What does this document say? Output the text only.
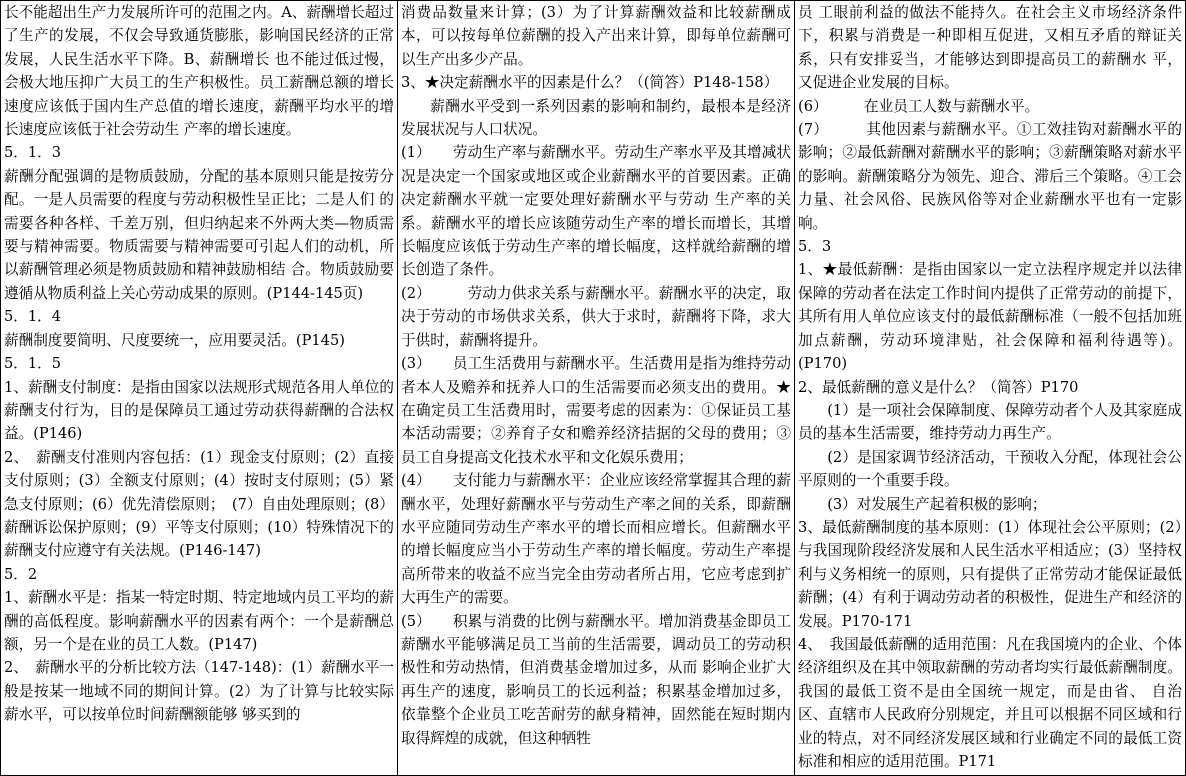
长不能超出生产力发展所许可的范围之内。A、薪酬增长超过了生产的发展，不仅会导致通货膨胀，影响国民经济的正常发展，人民生活水平下降。B、薪酬增长 也不能过低过慢，会极大地压抑广大员工的生产积极性。员工薪酬总额的增长速度应该低于国内生产总值的增长速度，薪酬平均水平的增长速度应该低于社会劳动生 产率的增长速度。

5．1．3

薪酬分配强调的是物质鼓励，分配的基本原则只能是按劳分配。一是人员需要的程度与劳动积极性呈正比；二是人们 的需要各种各样、千差万别，但归纳起来不外两大类—物质需要与精神需要。物质需要与精神需要可引起人们的动机，所以薪酬管理必须是物质鼓励和精神鼓励相结 合。物质鼓励要遵循从物质利益上关心劳动成果的原则。(P144-145页)

5．1．4

薪酬制度要简明、尺度要统一，应用要灵活。(P145)

5．1．5

1、薪酬支付制度：是指由国家以法规形式规范各用人单位的薪酬支付行为，目的是保障员工通过劳动获得薪酬的合法权益。(P146)

2、　薪酬支付准则内容包括：(1）现金支付原则；(2）直接支付原则；(3）全额支付原则；(4）按时支付原则；(5）紧急支付原则；(6）优先清偿原则；　(7）自由处理原则；(8）薪酬诉讼保护原则；(9）平等支付原则；(10）特殊情况下的薪酬支付应遵守有关法规。(P146-147)

5．2

1、薪酬水平是：指某一特定时期、特定地域内员工平均的薪酬的高低程度。影响薪酬水平的因素有两个：一个是薪酬总额，另一个是在业的员工人数。(P147)

2、　薪酬水平的分析比较方法（147-148)：(1）薪酬水平一般是按某一地域不同的期间计算。(2）为了计算与比较实际薪水平，可以按单位时间薪酬额能够 够买到的

消费品数量来计算；(3）为了计算薪酬效益和比较薪酬成本，可以按每单位薪酬的投入产出来计算，即每单位薪酬可以生产出多少产品。

3、★决定薪酬水平的因素是什么？（(简答）P148-158）

薪酬水平受到一系列因素的影响和制约，最根本是经济发展状况与人口状况。

(1）　　劳动生产率与薪酬水平。劳动生产率水平及其增减状况是决定一个国家或地区或企业薪酬水平的首要因素。正确决定薪酬水平就一定要处理好薪酬水平与劳动 生产率的关系。薪酬水平的增长应该随劳动生产率的增长而增长，其增长幅度应该低于劳动生产率的增长幅度，这样就给薪酬的增长创造了条件。

(2）　　　劳动力供求关系与薪酬水平。薪酬水平的决定，取决于劳动的市场供求关系，供大于求时，薪酬将下降，求大于供时，薪酬将提升。

(3）　　员工生活费用与薪酬水平。生活费用是指为维持劳动者本人及赡养和抚养人口的生活需要而必须支出的费用。★在确定员工生活费用时，需要考虑的因素为：①保证员工基本活动需要；②养育子女和赡养经济拮据的父母的费用；③员工自身提高文化技术水平和文化娱乐费用；

(4）　　支付能力与薪酬水平：企业应该经常掌握其合理的薪酬水平，处理好薪酬水平与劳动生产率之间的关系，即薪酬水平应随同劳动生产率水平的增长而相应增长。但薪酬水平的增长幅度应当小于劳动生产率的增长幅度。劳动生产率提高所带来的收益不应当完全由劳动者所占用，它应考虑到扩大再生产的需要。

(5）　　积累与消费的比例与薪酬水平。增加消费基金即员工薪酬水平能够满足员工当前的生活需要，调动员工的劳动积极性和劳动热情，但消费基金增加过多，从而 影响企业扩大再生产的速度，影响员工的长远利益；积累基金增加过多，依靠整个企业员工吃苦耐劳的献身精神，固然能在短时期内取得辉煌的成就，但这种牺牲

员 工眼前利益的做法不能持久。在社会主义市场经济条件下，积累与消费是一种即相互促进，又相互矛盾的辩证关系，只有安排妥当，才能够达到即提高员工的薪酬水 平，又促进企业发展的目标。

(6）　　　在业员工人数与薪酬水平。

(7）　　　其他因素与薪酬水平。①工效挂钩对薪酬水平的影响；②最低薪酬对薪酬水平的影响；③薪酬策略对薪水平的影响。薪酬策略分为领先、迎合、滞后三个策略。④工会力量、社会风俗、民族风俗等对企业薪酬水平也有一定影响。

5．3

1、★最低薪酬：是指由国家以一定立法程序规定并以法律保障的劳动者在法定工作时间内提供了正常劳动的前提下，其所有用人单位应该支付的最低薪酬标准（一般不包括加班加点薪酬，劳动环境津贴，社会保障和福利待遇等)。(P170)

2、最低薪酬的意义是什么？（简答）P170

(1）是一项社会保障制度、保障劳动者个人及其家庭成员的基本生活需要，维持劳动力再生产。

(2）是国家调节经济活动，干预收入分配，体现社会公平原则的一个重要手段。

(3）对发展生产起着积极的影响；

3、最低薪酬制度的基本原则：(1）体现社会公平原则；(2）与我国现阶段经济发展和人民生活水平相适应；(3）坚持权利与义务相统一的原则，只有提供了正常劳动才能保证最低薪酬；(4）有利于调动劳动者的积极性，促进生产和经济的发展。P170-171

4、　我国最低薪酬的适用范围：凡在我国境内的企业、个体经济组织及在其中领取薪酬的劳动者均实行最低薪酬制度。我国的最低工资不是由全国统一规定，而是由省、 自治区、直辖市人民政府分别规定，并且可以根据不同区域和行业的特点，对不同经济发展区域和行业确定不同的最低工资标准和相应的适用范围。P171
